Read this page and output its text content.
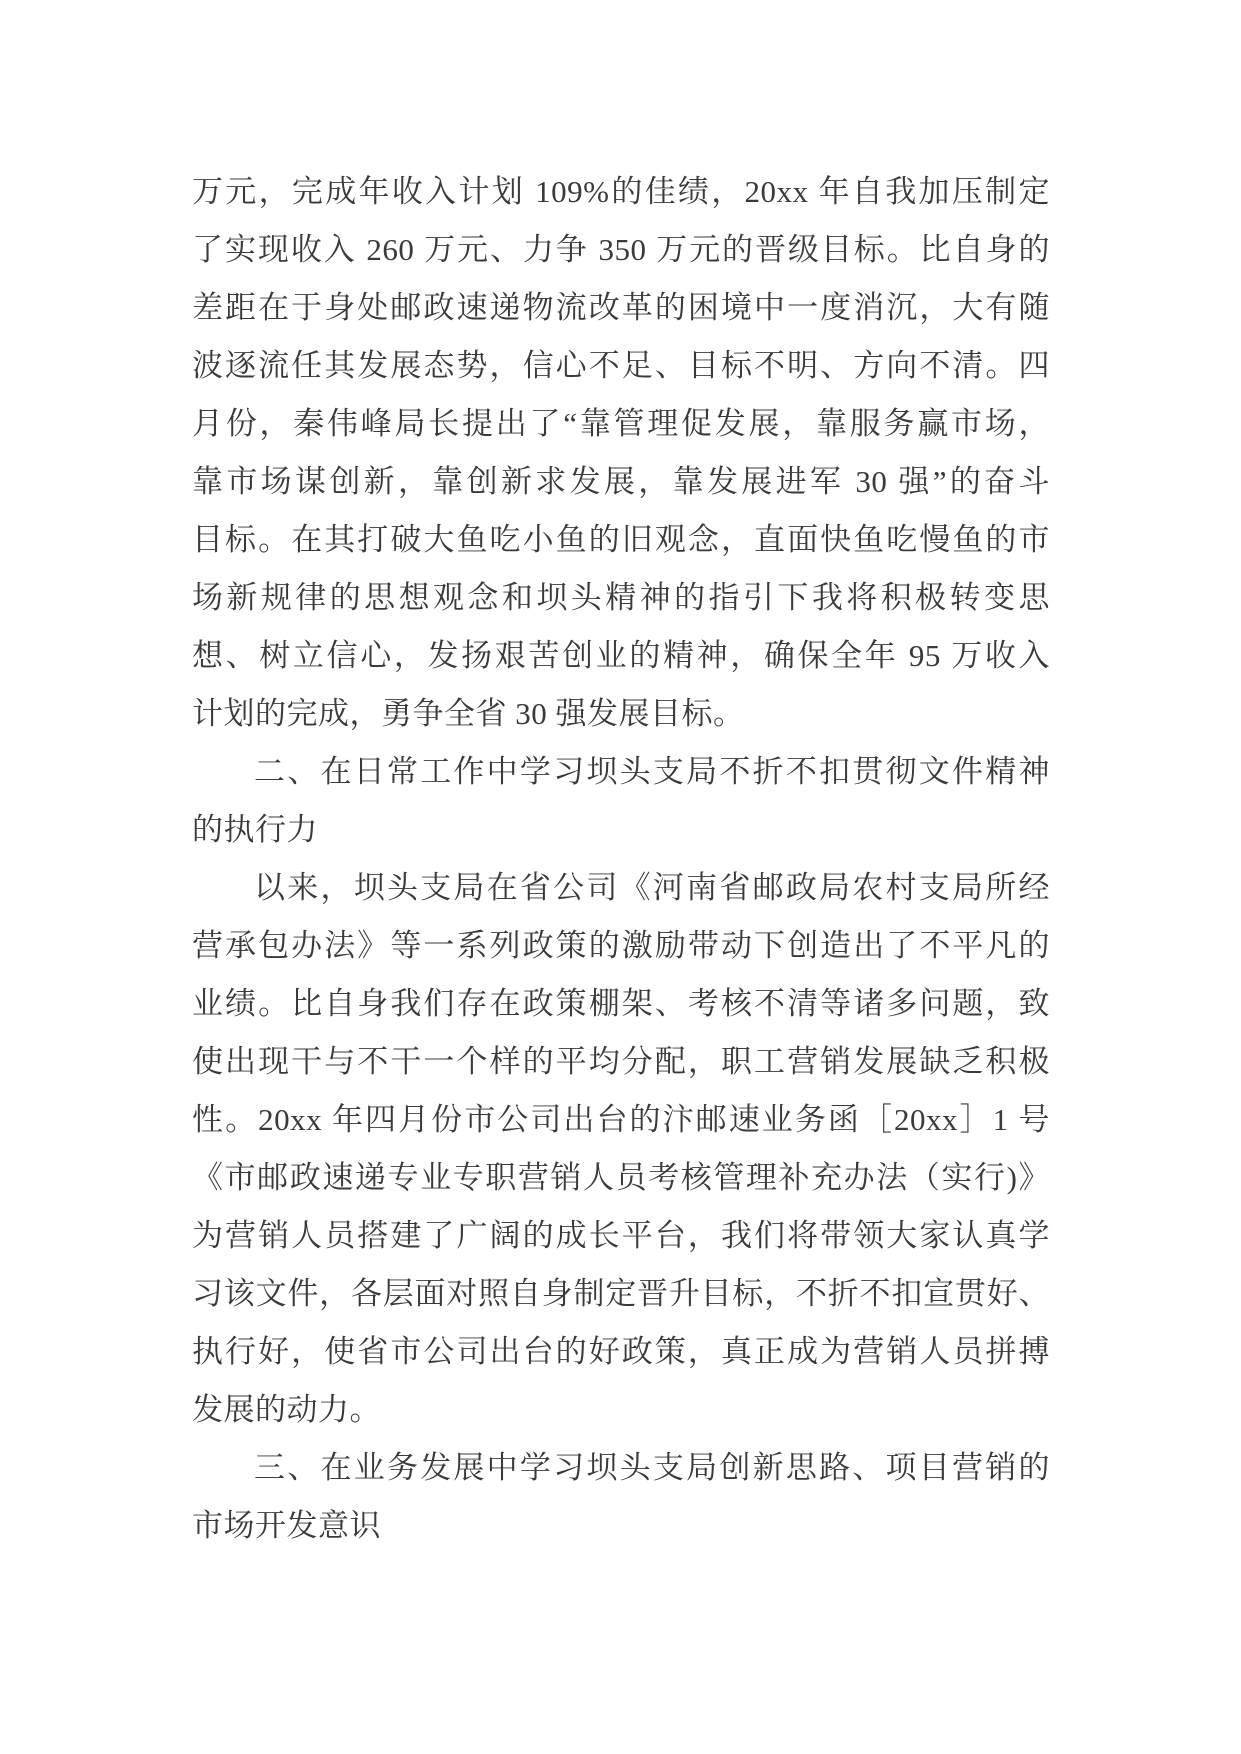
万元，完成年收入计划 109%的佳绩，20xx 年自我加压制定
了实现收入 260 万元、力争 350 万元的晋级目标。比自身的
差距在于身处邮政速递物流改革的困境中一度消沉，大有随
波逐流任其发展态势，信心不足、目标不明、方向不清。四
月份，秦伟峰局长提出了“靠管理促发展，靠服务赢市场，
靠市场谋创新，靠创新求发展，靠发展进军 30 强”的奋斗
目标。在其打破大鱼吃小鱼的旧观念，直面快鱼吃慢鱼的市
场新规律的思想观念和坝头精神的指引下我将积极转变思
想、树立信心，发扬艰苦创业的精神，确保全年 95 万收入
计划的完成，勇争全省 30 强发展目标。
二、在日常工作中学习坝头支局不折不扣贯彻文件精神
的执行力
以来，坝头支局在省公司《河南省邮政局农村支局所经
营承包办法》等一系列政策的激励带动下创造出了不平凡的
业绩。比自身我们存在政策棚架、考核不清等诸多问题，致
使出现干与不干一个样的平均分配，职工营销发展缺乏积极
性。20xx 年四月份市公司出台的汴邮速业务函［20xx］1 号
《市邮政速递专业专职营销人员考核管理补充办法（实行)》
为营销人员搭建了广阔的成长平台，我们将带领大家认真学
习该文件，各层面对照自身制定晋升目标，不折不扣宣贯好、
执行好，使省市公司出台的好政策，真正成为营销人员拼搏
发展的动力。
三、在业务发展中学习坝头支局创新思路、项目营销的
市场开发意识
